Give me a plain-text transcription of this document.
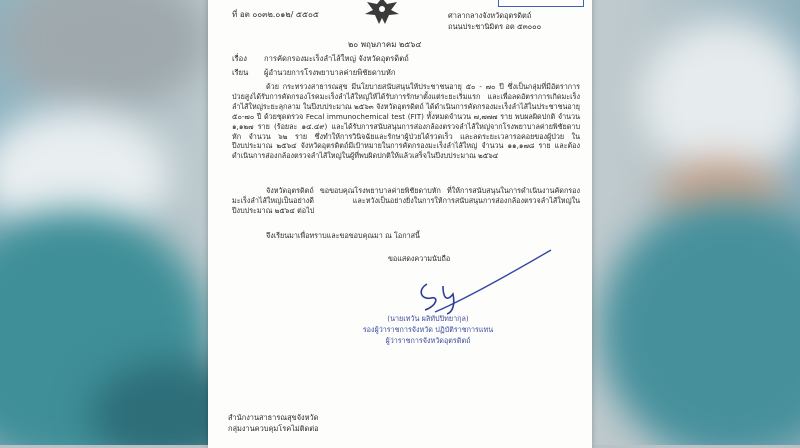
ที่ อต ๐๐๓๒.๐๑๒/ ๕๕๐๕	ศาลากลางจังหวัดอุตรดิตถ์
ถนนประชานิมิตร อต ๕๓๐๐๐
๒๐ พฤษภาคม ๒๕๖๔
เรื่อง การคัดกรองมะเร็งลำไส้ใหญ่ จังหวัดอุตรดิตถ์
เรียน ผู้อำนวยการโรงพยาบาลค่ายพิชัยดาบหัก
ด้วย กระทรวงสาธารณสุข มีนโยบายสนับสนุนให้ประชาชนอายุ ๕๐ - ๗๐ ปี ซึ่งเป็นกลุ่มที่มีอัตราการป่วยสูงได้รับการคัดกรองโรคมะเร็งลำไส้ใหญ่ให้ได้รับการรักษาตั้งแต่ระยะเริ่มแรก และเพื่อลดอัตราการเกิดมะเร็งลำไส้ใหญ่ระยะลุกลาม ในปีงบประมาณ ๒๕๖๓ จังหวัดอุตรดิตถ์ ได้ดำเนินการคัดกรองมะเร็งลำไส้ในประชาชนอายุ ๕๐-๗๐ ปี ด้วยชุดตรวจ Fecal immunochemical test (FIT) ทั้งหมดจำนวน ๗,๗๗๗ ราย พบผลผิดปกติ จำนวน ๑,๑๒๗ ราย (ร้อยละ ๑๔.๔๙) และได้รับการสนับสนุนการส่องกล้องตรวจลำไส้ใหญ่จากโรงพยาบาลค่ายพิชัยดาบหัก จำนวน ๖๒ ราย ซึ่งทำให้การวินิจฉัยและรักษาผู้ป่วยได้รวดเร็ว และลดระยะเวลารอคอยของผู้ป่วย ในปีงบประมาณ ๒๕๖๔ จังหวัดอุตรดิตถ์มีเป้าหมายในการคัดกรองมะเร็งลำไส้ใหญ่ จำนวน ๑๑,๑๗๘ ราย และต้องดำเนินการส่องกล้องตรวจลำไส้ใหญ่ในผู้ที่พบผิดปกติให้แล้วเสร็จในปีงบประมาณ ๒๕๖๔
จังหวัดอุตรดิตถ์ ขอขอบคุณโรงพยาบาลค่ายพิชัยดาบหัก ที่ให้การสนับสนุนในการดำเนินงานคัดกรองมะเร็งลำไส้ใหญ่เป็นอย่างดี และหวังเป็นอย่างยิ่งในการให้การสนับสนุนการส่องกล้องตรวจลำไส้ใหญ่ในปีงบประมาณ ๒๕๖๔ ต่อไป
จึงเรียนมาเพื่อทราบและขอขอบคุณมา ณ โอกาสนี้
ขอแสดงความนับถือ
(นายเทวัน ผลิทัปปิทยากุล)
รองผู้ว่าราชการจังหวัด ปฏิบัติราชการแทน
ผู้ว่าราชการจังหวัดอุตรดิตถ์
สำนักงานสาธารณสุขจังหวัด
กลุ่มงานควบคุมโรคไม่ติดต่อ
